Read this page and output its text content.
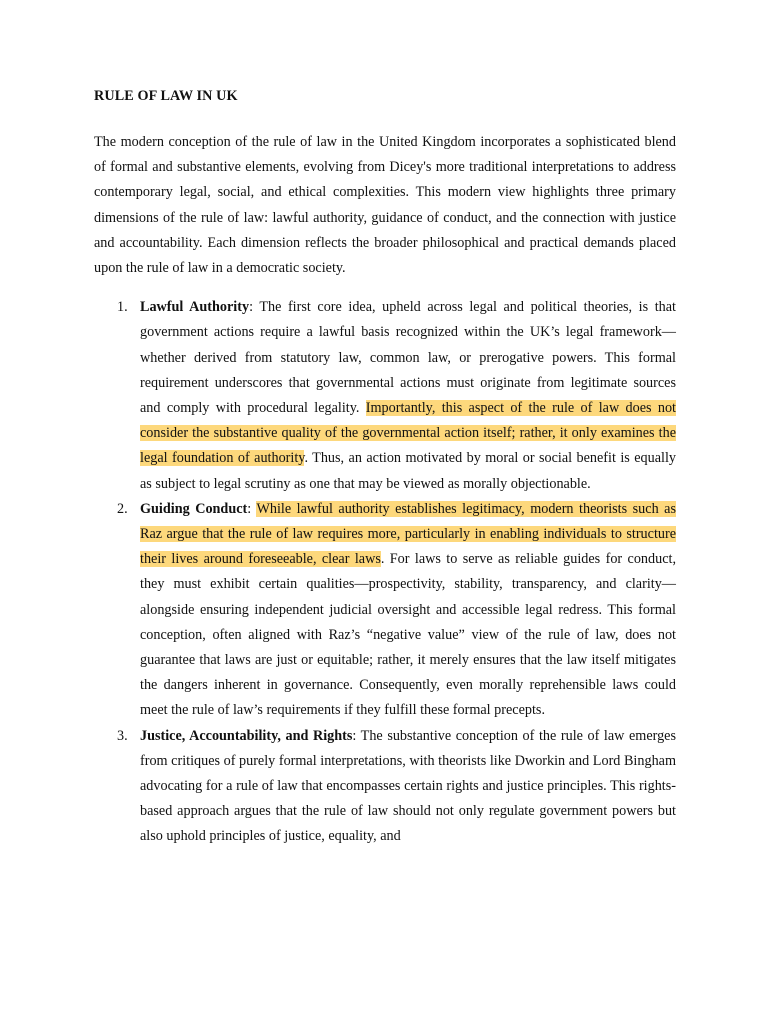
RULE OF LAW IN UK

The modern conception of the rule of law in the United Kingdom incorporates a sophisticated blend of formal and substantive elements, evolving from Dicey's more traditional interpretations to address contemporary legal, social, and ethical complexities. This modern view highlights three primary dimensions of the rule of law: lawful authority, guidance of conduct, and the connection with justice and accountability. Each dimension reflects the broader philosophical and practical demands placed upon the rule of law in a democratic society.

1. Lawful Authority: The first core idea, upheld across legal and political theories, is that government actions require a lawful basis recognized within the UK’s legal framework—whether derived from statutory law, common law, or prerogative powers. This formal requirement underscores that governmental actions must originate from legitimate sources and comply with procedural legality. Importantly, this aspect of the rule of law does not consider the substantive quality of the governmental action itself; rather, it only examines the legal foundation of authority. Thus, an action motivated by moral or social benefit is equally as subject to legal scrutiny as one that may be viewed as morally objectionable.
2. Guiding Conduct: While lawful authority establishes legitimacy, modern theorists such as Raz argue that the rule of law requires more, particularly in enabling individuals to structure their lives around foreseeable, clear laws. For laws to serve as reliable guides for conduct, they must exhibit certain qualities—prospectivity, stability, transparency, and clarity—alongside ensuring independent judicial oversight and accessible legal redress. This formal conception, often aligned with Raz’s “negative value” view of the rule of law, does not guarantee that laws are just or equitable; rather, it merely ensures that the law itself mitigates the dangers inherent in governance. Consequently, even morally reprehensible laws could meet the rule of law’s requirements if they fulfill these formal precepts.
3. Justice, Accountability, and Rights: The substantive conception of the rule of law emerges from critiques of purely formal interpretations, with theorists like Dworkin and Lord Bingham advocating for a rule of law that encompasses certain rights and justice principles. This rights-based approach argues that the rule of law should not only regulate government powers but also uphold principles of justice, equality, and
